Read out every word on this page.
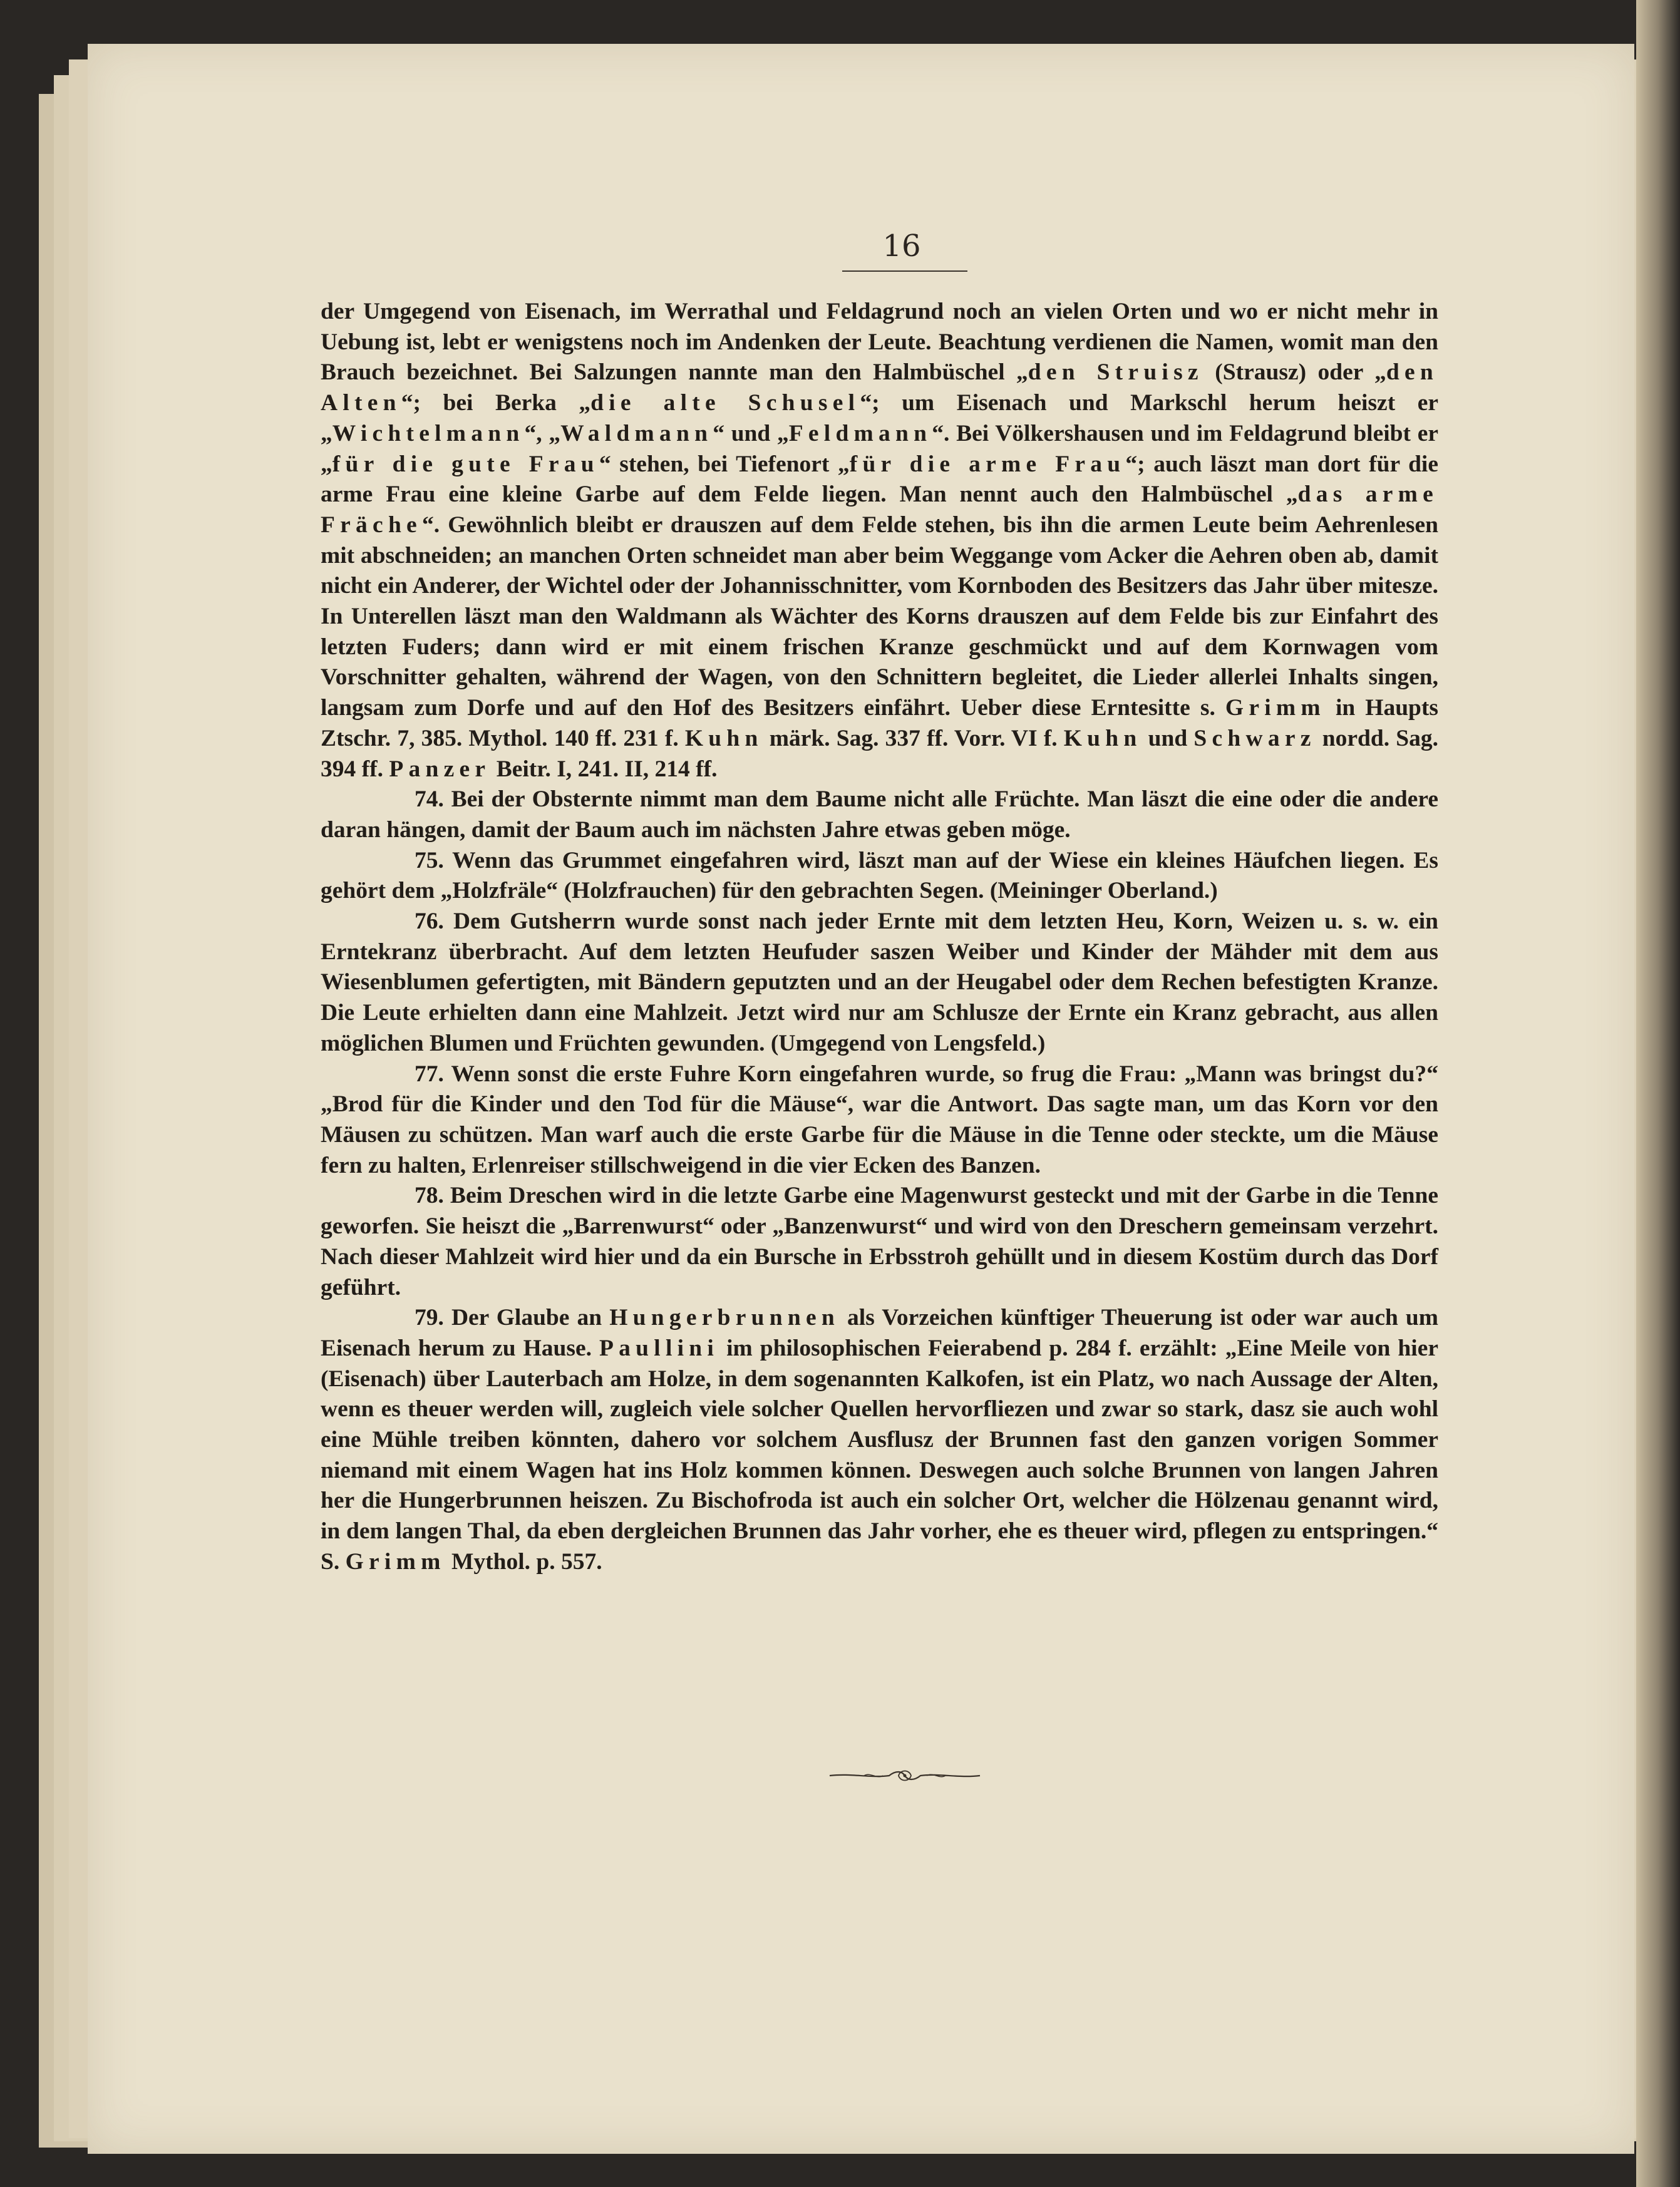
16

der Umgegend von Eisenach, im Werrathal und Feldagrund noch an vielen Orten und wo er nicht mehr in Uebung ist, lebt er wenigstens noch im Andenken der Leute. Beachtung verdienen die Namen, womit man den Brauch bezeichnet. Bei Salzungen nannte man den Halmbüschel „den Struisz (Strausz) oder „den Alten“; bei Berka „die alte Schusel“; um Eisenach und Markschl herum heiszt er „Wichtelmann“, „Waldmann“ und „Feldmann“. Bei Völkershausen und im Feldagrund bleibt er „für die gute Frau“ stehen, bei Tiefenort „für die arme Frau“; auch läszt man dort für die arme Frau eine kleine Garbe auf dem Felde liegen. Man nennt auch den Halmbüschel „das arme Fräche“. Gewöhnlich bleibt er drauszen auf dem Felde stehen, bis ihn die armen Leute beim Aehrenlesen mit abschneiden; an manchen Orten schneidet man aber beim Weggange vom Acker die Aehren oben ab, damit nicht ein Anderer, der Wichtel oder der Johannisschnitter, vom Kornboden des Besitzers das Jahr über mitesze. In Unterellen läszt man den Waldmann als Wächter des Korns drauszen auf dem Felde bis zur Einfahrt des letzten Fuders; dann wird er mit einem frischen Kranze geschmückt und auf dem Kornwagen vom Vorschnitter gehalten, während der Wagen, von den Schnittern begleitet, die Lieder allerlei Inhalts singen, langsam zum Dorfe und auf den Hof des Besitzers einfährt. Ueber diese Erntesitte s. Grimm in Haupts Ztschr. 7, 385. Mythol. 140 ff. 231 f. Kuhn märk. Sag. 337 ff. Vorr. VI f. Kuhn und Schwarz nordd. Sag. 394 ff. Panzer Beitr. I, 241. II, 214 ff.

74. Bei der Obsternte nimmt man dem Baume nicht alle Früchte. Man läszt die eine oder die andere daran hängen, damit der Baum auch im nächsten Jahre etwas geben möge.

75. Wenn das Grummet eingefahren wird, läszt man auf der Wiese ein kleines Häufchen liegen. Es gehört dem „Holzfräle“ (Holzfrauchen) für den gebrachten Segen. (Meininger Oberland.)

76. Dem Gutsherrn wurde sonst nach jeder Ernte mit dem letzten Heu, Korn, Weizen u. s. w. ein Erntekranz überbracht. Auf dem letzten Heufuder saszen Weiber und Kinder der Mähder mit dem aus Wiesenblumen gefertigten, mit Bändern geputzten und an der Heugabel oder dem Rechen befestigten Kranze. Die Leute erhielten dann eine Mahlzeit. Jetzt wird nur am Schlusze der Ernte ein Kranz gebracht, aus allen möglichen Blumen und Früchten gewunden. (Umgegend von Lengsfeld.)

77. Wenn sonst die erste Fuhre Korn eingefahren wurde, so frug die Frau: „Mann was bringst du?“ „Brod für die Kinder und den Tod für die Mäuse“, war die Antwort. Das sagte man, um das Korn vor den Mäusen zu schützen. Man warf auch die erste Garbe für die Mäuse in die Tenne oder steckte, um die Mäuse fern zu halten, Erlenreiser stillschweigend in die vier Ecken des Banzen.

78. Beim Dreschen wird in die letzte Garbe eine Magenwurst gesteckt und mit der Garbe in die Tenne geworfen. Sie heiszt die „Barrenwurst“ oder „Banzenwurst“ und wird von den Dreschern gemeinsam verzehrt. Nach dieser Mahlzeit wird hier und da ein Bursche in Erbsstroh gehüllt und in diesem Kostüm durch das Dorf geführt.

79. Der Glaube an Hungerbrunnen als Vorzeichen künftiger Theuerung ist oder war auch um Eisenach herum zu Hause. Paullini im philosophischen Feierabend p. 284 f. erzählt: „Eine Meile von hier (Eisenach) über Lauterbach am Holze, in dem sogenannten Kalkofen, ist ein Platz, wo nach Aussage der Alten, wenn es theuer werden will, zugleich viele solcher Quellen hervorfliezen und zwar so stark, dasz sie auch wohl eine Mühle treiben könnten, dahero vor solchem Ausflusz der Brunnen fast den ganzen vorigen Sommer niemand mit einem Wagen hat ins Holz kommen können. Deswegen auch solche Brunnen von langen Jahren her die Hungerbrunnen heiszen. Zu Bischofroda ist auch ein solcher Ort, welcher die Hölzenau genannt wird, in dem langen Thal, da eben dergleichen Brunnen das Jahr vorher, ehe es theuer wird, pflegen zu entspringen.“ S. Grimm Mythol. p. 557.
